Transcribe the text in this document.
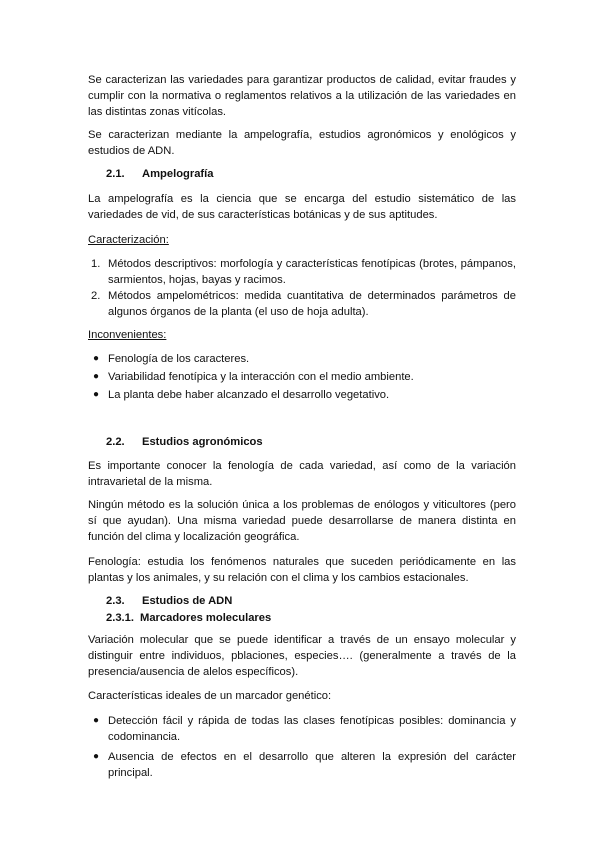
Se caracterizan las variedades para garantizar productos de calidad, evitar fraudes y cumplir con la normativa o reglamentos relativos a la utilización de las variedades en las distintas zonas vitícolas.

Se caracterizan mediante la ampelografía, estudios agronómicos y enológicos y estudios de ADN.

2.1. Ampelografía

La ampelografía es la ciencia que se encarga del estudio sistemático de las variedades de vid, de sus características botánicas y de sus aptitudes.

Caracterización:
1. Métodos descriptivos: morfología y características fenotípicas (brotes, pámpanos, sarmientos, hojas, bayas y racimos.
2. Métodos ampelométricos: medida cuantitativa de determinados parámetros de algunos órganos de la planta (el uso de hoja adulta).
Inconvenientes:
● Fenología de los caracteres.
● Variabilidad fenotípica y la interacción con el medio ambiente.
● La planta debe haber alcanzado el desarrollo vegetativo.
2.2. Estudios agronómicos

Es importante conocer la fenología de cada variedad, así como de la variación intravarietal de la misma.

Ningún método es la solución única a los problemas de enólogos y viticultores (pero sí que ayudan). Una misma variedad puede desarrollarse de manera distinta en función del clima y localización geográfica.

Fenología: estudia los fenómenos naturales que suceden periódicamente en las plantas y los animales, y su relación con el clima y los cambios estacionales.

2.3. Estudios de ADN
2.3.1. Marcadores moleculares

Variación molecular que se puede identificar a través de un ensayo molecular y distinguir entre individuos, pblaciones, especies…. (generalmente a través de la presencia/ausencia de alelos específicos).

Características ideales de un marcador genético:

● Detección fácil y rápida de todas las clases fenotípicas posibles: dominancia y codominancia.
● Ausencia de efectos en el desarrollo que alteren la expresión del carácter principal.
